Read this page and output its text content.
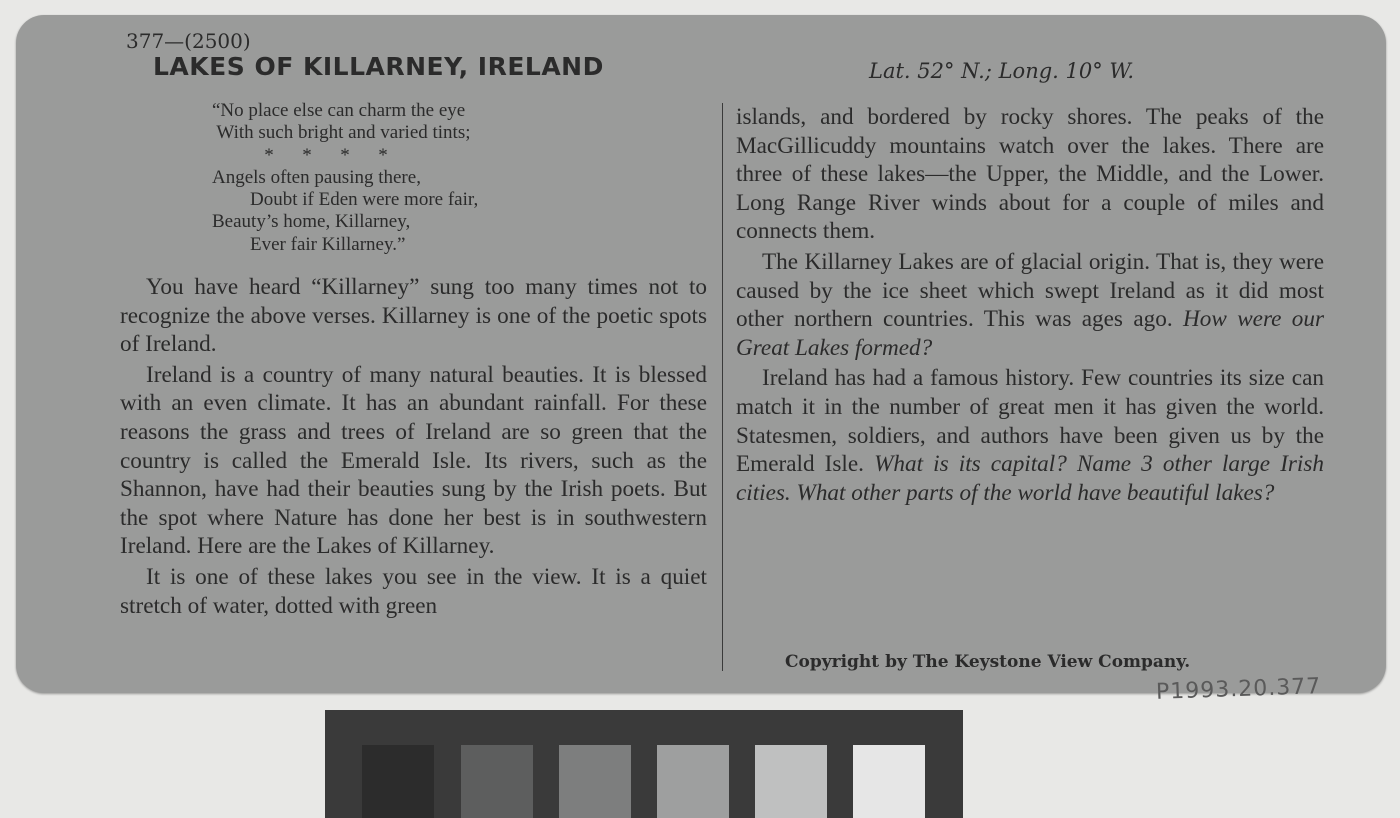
377—(2500)
LAKES OF KILLARNEY, IRELAND	Lat. 52° N.; Long. 10° W.
“No place else can charm the eye
With such bright and varied tints;
*      *      *      *
Angels often pausing there,
Doubt if Eden were more fair,
Beauty’s home, Killarney,
Ever fair Killarney.”

You have heard “Killarney” sung too many times not to recognize the above verses. Killarney is one of the poetic spots of Ireland.

Ireland is a country of many natural beauties. It is blessed with an even climate. It has an abundant rainfall. For these reasons the grass and trees of Ireland are so green that the country is called the Emerald Isle. Its rivers, such as the Shannon, have had their beauties sung by the Irish poets. But the spot where Nature has done her best is in southwestern Ireland. Here are the Lakes of Killarney.

It is one of these lakes you see in the view. It is a quiet stretch of water, dotted with green

islands, and bordered by rocky shores. The peaks of the MacGillicuddy mountains watch over the lakes. There are three of these lakes—the Upper, the Middle, and the Lower. Long Range River winds about for a couple of miles and connects them.

The Killarney Lakes are of glacial origin. That is, they were caused by the ice sheet which swept Ireland as it did most other northern countries. This was ages ago. How were our Great Lakes formed?

Ireland has had a famous history. Few countries its size can match it in the number of great men it has given the world. Statesmen, soldiers, and authors have been given us by the Emerald Isle. What is its capital? Name 3 other large Irish cities. What other parts of the world have beautiful lakes?

Copyright by The Keystone View Company.
P1993.20.377
